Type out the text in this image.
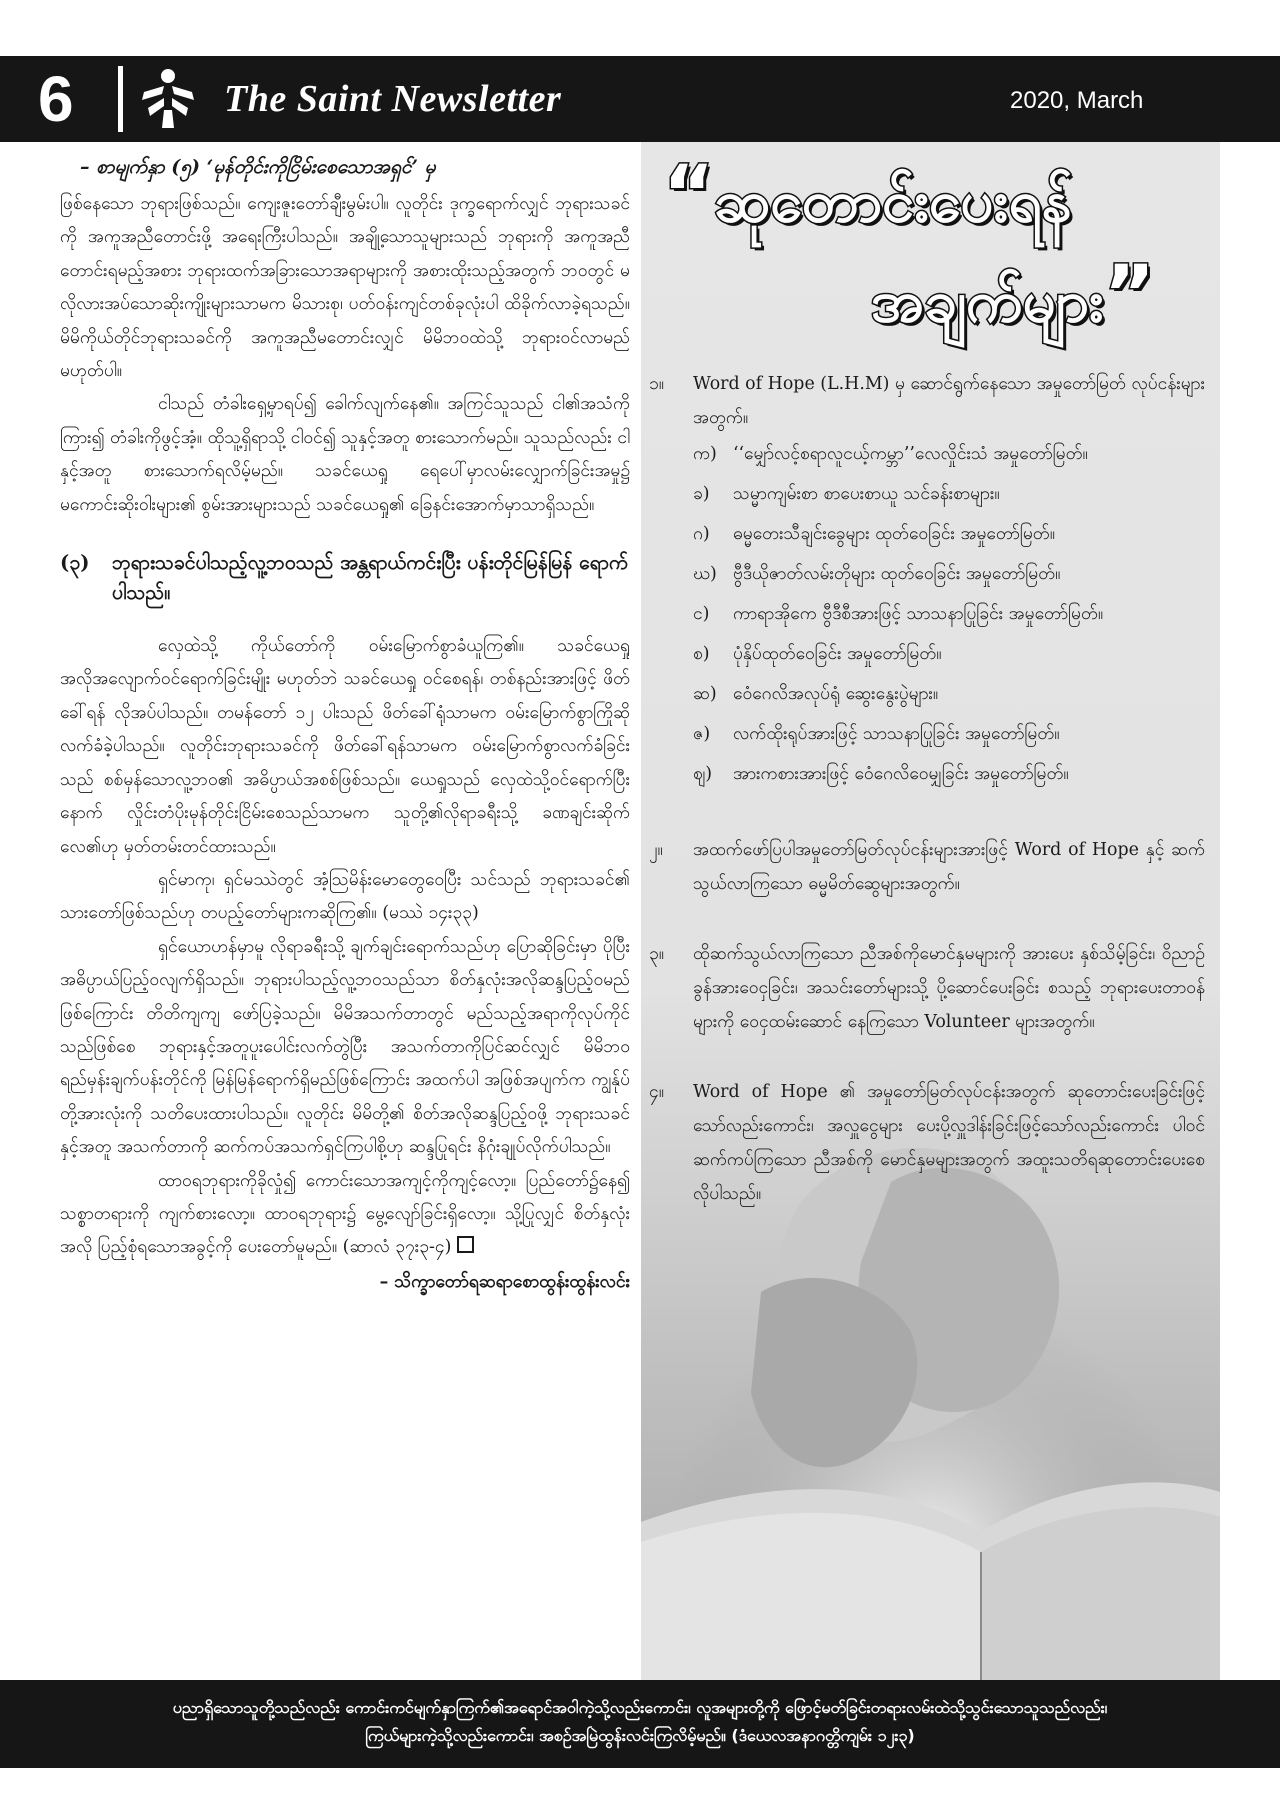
6	The Saint Newsletter	2020, March
– စာမျက်နှာ (၅) ‘မုန်တိုင်းကိုငြိမ်းစေသောအရှင်’ မှ

ဖြစ်နေသော ဘုရားဖြစ်သည်။ ကျေးဇူးတော်ချီးမွမ်းပါ။ လူတိုင်း ဒုက္ခရောက်လျှင် ဘုရားသခင်ကို အကူအညီတောင်းဖို့ အရေးကြီးပါသည်။ အချို့သောသူများသည် ဘုရားကို အကူအညီတောင်းရမည့်အစား ဘုရားထက်အခြားသောအရာများကို အစားထိုးသည့်အတွက် ဘဝတွင် မလိုလားအပ်သောဆိုးကျိုးများသာမက မိသားစု၊ ပတ်ဝန်းကျင်တစ်ခုလုံးပါ ထိခိုက်လာခဲ့ရသည်။ မိမိကိုယ်တိုင်ဘုရားသခင်ကို အကူအညီမတောင်းလျှင် မိမိဘဝထဲသို့ ဘုရားဝင်လာမည်မဟုတ်ပါ။

ငါသည် တံခါးရှေ့မှာရပ်၍ ခေါက်လျက်နေ၏။ အကြင်သူသည် ငါ၏အသံကိုကြား၍ တံခါးကိုဖွင့်အံ့။ ထိုသူ့ရှိရာသို့ ငါဝင်၍ သူနှင့်အတူ စားသောက်မည်။ သူသည်လည်း ငါနှင့်အတူ စားသောက်ရလိမ့်မည်။ သခင်ယေရှု ရေပေါ်မှာလမ်းလျှောက်ခြင်းအမှု၌ မကောင်းဆိုးဝါးများ၏ စွမ်းအားများသည် သခင်ယေရှု၏ ခြေနင်းအောက်မှာသာရှိသည်။

(၃)	ဘုရားသခင်ပါသည့်လူ့ဘဝသည် အန္တရာယ်ကင်းပြီး ပန်းတိုင်မြန်မြန် ရောက်ပါသည်။

လှေထဲသို့ ကိုယ်တော်ကို ဝမ်းမြောက်စွာခံယူကြ၏။ သခင်ယေရှု အလိုအလျောက်ဝင်ရောက်ခြင်းမျိုး မဟုတ်ဘဲ သခင်ယေရှု ဝင်စေရန်၊ တစ်နည်းအားဖြင့် ဖိတ်ခေါ်ရန် လိုအပ်ပါသည်။ တမန်တော် ၁၂ ပါးသည် ဖိတ်ခေါ်ရုံသာမက ဝမ်းမြောက်စွာကြိုဆိုလက်ခံခဲ့ပါသည်။ လူတိုင်းဘုရားသခင်ကို ဖိတ်ခေါ်ရန်သာမက ဝမ်းမြောက်စွာလက်ခံခြင်းသည် စစ်မှန်သောလူ့ဘဝ၏ အဓိပ္ပာယ်အစစ်ဖြစ်သည်။ ယေရှုသည် လှေထဲသို့ဝင်ရောက်ပြီးနောက် လှိုင်းတံပိုးမုန်တိုင်းငြိမ်းစေသည်သာမက သူတို့၏လိုရာခရီးသို့ ခဏချင်းဆိုက်လေ၏ဟု မှတ်တမ်းတင်ထားသည်။

ရှင်မာကု၊ ရှင်မဿဲတွင် အံ့သြမိန်းမောတွေဝေပြီး သင်သည် ဘုရားသခင်၏ သားတော်ဖြစ်သည်ဟု တပည့်တော်များကဆိုကြ၏။ (မဿဲ ၁၄း၃၃)

ရှင်ယောဟန်မှာမူ လိုရာခရီးသို့ ချက်ချင်းရောက်သည်ဟု ပြောဆိုခြင်းမှာ ပိုပြီးအဓိပ္ပာယ်ပြည့်ဝလျက်ရှိသည်။ ဘုရားပါသည့်လူ့ဘဝသည်သာ စိတ်နှလုံးအလိုဆန္ဒပြည့်ဝမည်ဖြစ်ကြောင်း တိတိကျကျ ဖော်ပြခဲ့သည်။ မိမိအသက်တာတွင် မည်သည့်အရာကိုလုပ်ကိုင်သည်ဖြစ်စေ ဘုရားနှင့်အတူပူးပေါင်းလက်တွဲပြီး အသက်တာကိုပြင်ဆင်လျှင် မိမိဘဝရည်မှန်းချက်ပန်းတိုင်ကို မြန်မြန်ရောက်ရှိမည်ဖြစ်ကြောင်း အထက်ပါ အဖြစ်အပျက်က ကျွန်ုပ်တို့အားလုံးကို သတိပေးထားပါသည်။ လူတိုင်း မိမိတို့၏ စိတ်အလိုဆန္ဒပြည့်ဝဖို့ ဘုရားသခင်နှင့်အတူ အသက်တာကို ဆက်ကပ်အသက်ရှင်ကြပါစို့ဟု ဆန္ဒပြုရင်း နိဂုံးချုပ်လိုက်ပါသည်။

ထာဝရဘုရားကိုခိုလှုံ၍ ကောင်းသောအကျင့်ကိုကျင့်လော့။ ပြည်တော်၌နေ၍ သစ္စာတရားကို ကျက်စားလော့။ ထာဝရဘုရား၌ မွေ့လျော်ခြင်းရှိလော့။ သို့ပြုလျှင် စိတ်နှလုံးအလို ပြည့်စုံရသောအခွင့်ကို ပေးတော်မူမည်။ (ဆာလံ ၃၇း၃-၄)

– သိက္ခာတော်ရဆရာစောထွန်းထွန်းလင်း
“ဆုတောင်းပေးရန်
အချက်များ”
၁။	Word of Hope (L.H.M) မှ ဆောင်ရွက်နေသော အမှုတော်မြတ် လုပ်ငန်းများအတွက်။
က) ‘‘မျှော်လင့်စရာလူငယ့်ကမ္ဘာ’’လေလှိုင်းသံ အမှုတော်မြတ်။
ခ)	သမ္မာကျမ်းစာ စာပေးစာယူ သင်ခန်းစာများ။
ဂ)	ဓမ္မတေးသီချင်းခွေများ ထုတ်ဝေခြင်း အမှုတော်မြတ်။
ဃ) ဗွီဒီယိုဇာတ်လမ်းတိုများ ထုတ်ဝေခြင်း အမှုတော်မြတ်။
င)	ကာရာအိုကေ ဗွီဒီစီအားဖြင့် သာသနာပြုခြင်း အမှုတော်မြတ်။
စ)	ပုံနှိပ်ထုတ်ဝေခြင်း အမှုတော်မြတ်။
ဆ) ဝေံဂေလိအလုပ်ရုံ ဆွေးနွေးပွဲများ။
ဇ)	လက်ထိုးရုပ်အားဖြင့် သာသနာပြုခြင်း အမှုတော်မြတ်။
ဈ)	အားကစားအားဖြင့် ဝေံဂေလိဝေမျှခြင်း အမှုတော်မြတ်။
၂။	အထက်ဖော်ပြပါအမှုတော်မြတ်လုပ်ငန်းများအားဖြင့် Word of Hope နှင့် ဆက်သွယ်လာကြသော ဓမ္မမိတ်ဆွေများအတွက်။
၃။	ထိုဆက်သွယ်လာကြသော ညီအစ်ကိုမောင်နှမများကို အားပေး နှစ်သိမ့်ခြင်း၊ ဝိညာဉ်ခွန်အားဝေငှခြင်း၊ အသင်းတော်များသို့ ပို့ဆောင်ပေးခြင်း စသည့် ဘုရားပေးတာဝန်များကို ဝေငှထမ်းဆောင် နေကြသော Volunteer များအတွက်။
၄။	Word of Hope ၏ အမှုတော်မြတ်လုပ်ငန်းအတွက် ဆုတောင်းပေးခြင်းဖြင့်သော်လည်းကောင်း၊ အလှူငွေများ ပေးပို့လှူဒါန်းခြင်းဖြင့်သော်လည်းကောင်း ပါဝင်ဆက်ကပ်ကြသော ညီအစ်ကို မောင်နှမများအတွက် အထူးသတိရဆုတောင်းပေးစေလိုပါသည်။
ပညာရှိသောသူတို့သည်လည်း ကောင်းကင်မျက်နှာကြက်၏အရောင်အဝါကဲ့သို့လည်းကောင်း၊ လူအများတို့ကို ဖြောင့်မတ်ခြင်းတရားလမ်းထဲသို့သွင်းသောသူသည်လည်း၊
ကြယ်များကဲ့သို့လည်းကောင်း၊ အစဉ်အမြဲထွန်းလင်းကြလိမ့်မည်။ (ဒံယေလအနာဂတ္တိကျမ်း ၁၂း၃)
